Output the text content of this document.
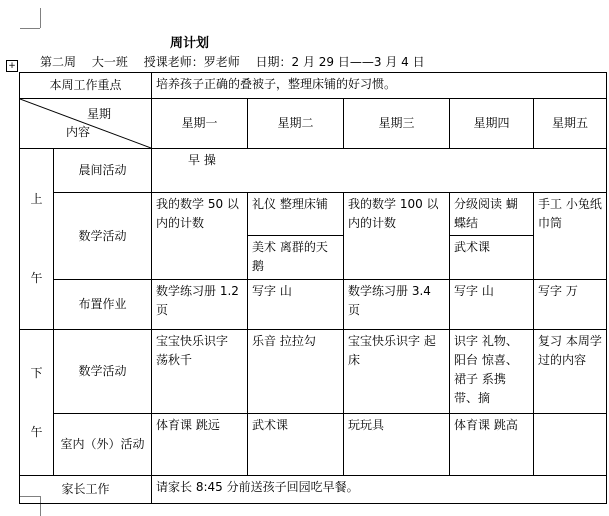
周计划
+ 第二周 大一班 授课老师：罗老师 日期：2 月 29 日——3 月 4 日
本周工作重点		培养孩子正确的叠被子，整理床铺的好习惯。				

星期
内容		星期一	星期二	星期三	星期四	星期五

上
午	晨间活动	早 操				
	数学活动	我的数学 50 以内的计数	礼仪 整理床铺	我的数学 100 以内的计数	分级阅读 蝴蝶结	手工 小兔纸巾筒
			美术 离群的天鹅		武术课	
	布置作业	数学练习册 1.2 页	写字 山	数学练习册 3.4 页	写字 山	写字 万

下
午	数学活动	宝宝快乐识字 荡秋千	乐音 拉拉勾	宝宝快乐识字 起床	识字 礼物、阳台 惊喜、裙子 系携带、摘	复习 本周学过的内容
	室内（外）活动	体育课 跳远	武术课	玩玩具	体育课 跳高	
家长工作		请家长 8:45 分前送孩子回园吃早餐。				
